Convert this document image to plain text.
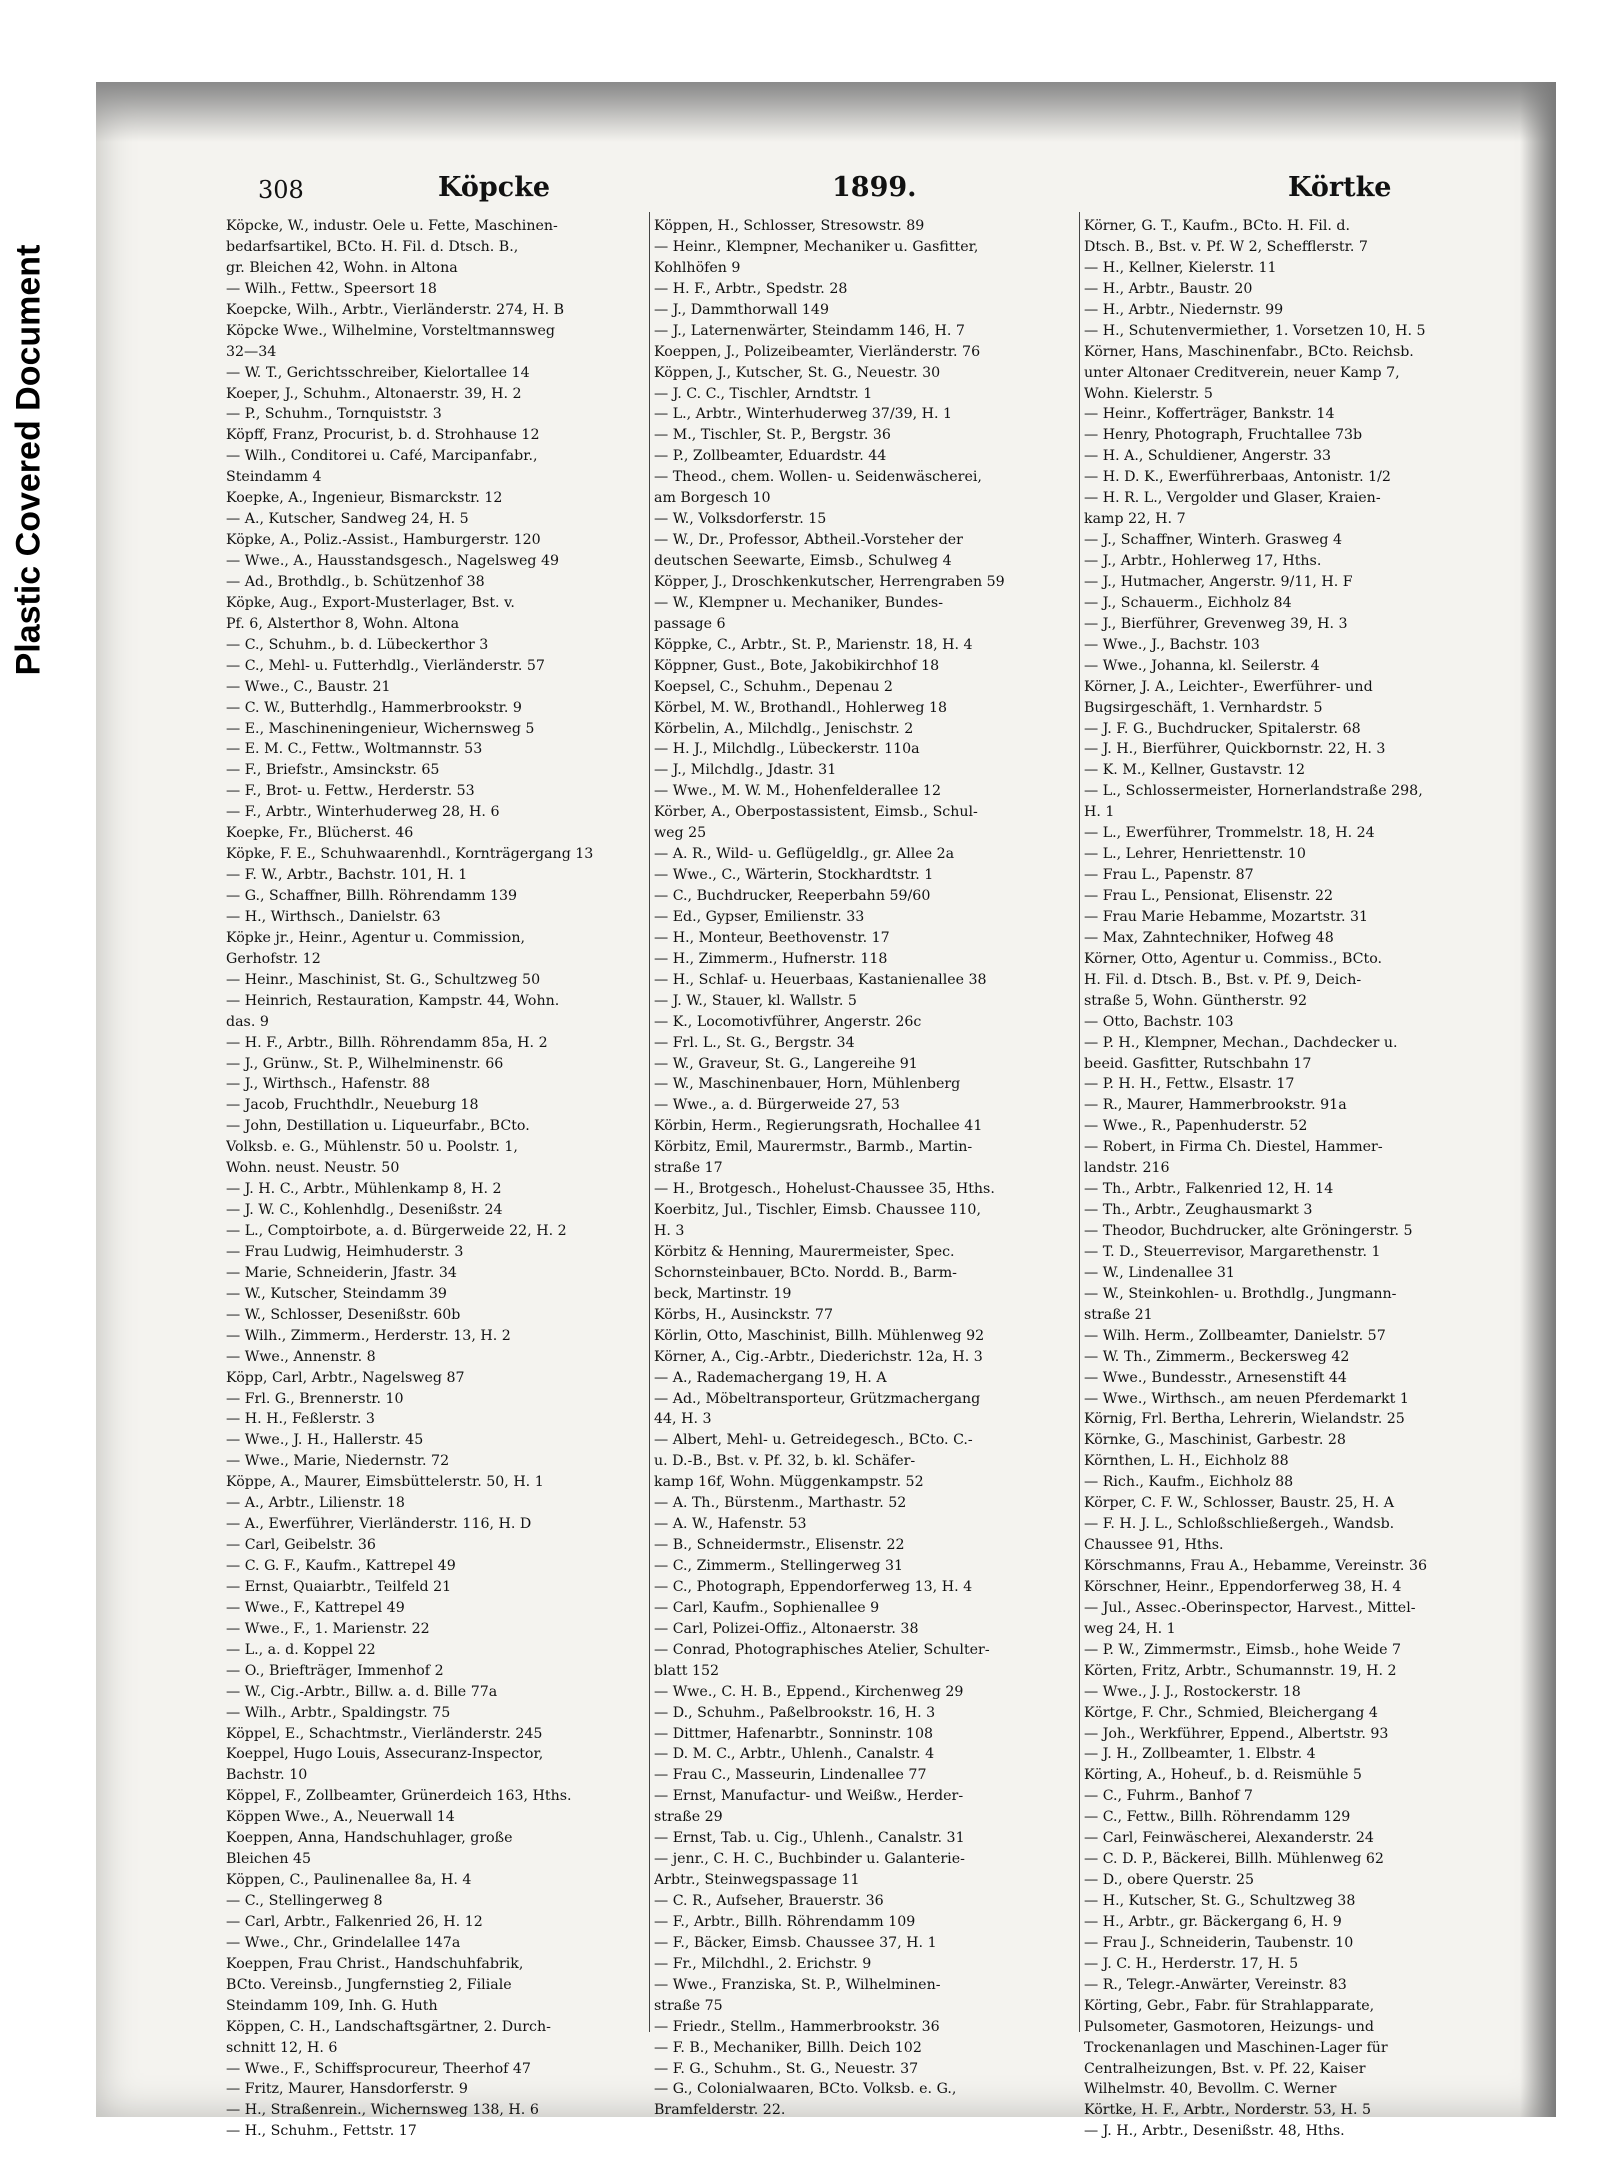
Plastic Covered Document
308	Köpcke	1899.	Körtke
Köpcke, W., industr. Oele u. Fette, Maschinen-
bedarfsartikel, BCto. H. Fil. d. Dtsch. B.,
gr. Bleichen 42, Wohn. in Altona
— Wilh., Fettw., Speersort 18
Koepcke, Wilh., Arbtr., Vierländerstr. 274, H. B
Köpcke Wwe., Wilhelmine, Vorsteltmannsweg
32—34
— W. T., Gerichtsschreiber, Kielortallee 14
Koeper, J., Schuhm., Altonaerstr. 39, H. 2
— P., Schuhm., Tornquiststr. 3
Köpff, Franz, Procurist, b. d. Strohhause 12
— Wilh., Conditorei u. Café, Marcipanfabr.,
Steindamm 4
Koepke, A., Ingenieur, Bismarckstr. 12
— A., Kutscher, Sandweg 24, H. 5
Köpke, A., Poliz.-Assist., Hamburgerstr. 120
— Wwe., A., Hausstandsgesch., Nagelsweg 49
— Ad., Brothdlg., b. Schützenhof 38
Köpke, Aug., Export-Musterlager, Bst. v.
Pf. 6, Alsterthor 8, Wohn. Altona
— C., Schuhm., b. d. Lübeckerthor 3
— C., Mehl- u. Futterhdlg., Vierländerstr. 57
— Wwe., C., Baustr. 21
— C. W., Butterhdlg., Hammerbrookstr. 9
— E., Maschineningenieur, Wichernsweg 5
— E. M. C., Fettw., Woltmannstr. 53
— F., Briefstr., Amsinckstr. 65
— F., Brot- u. Fettw., Herderstr. 53
— F., Arbtr., Winterhuderweg 28, H. 6
Koepke, Fr., Blücherst. 46
Köpke, F. E., Schuhwaarenhdl., Kornträgergang 13
— F. W., Arbtr., Bachstr. 101, H. 1
— G., Schaffner, Billh. Röhrendamm 139
— H., Wirthsch., Danielstr. 63
Köpke jr., Heinr., Agentur u. Commission,
Gerhofstr. 12
— Heinr., Maschinist, St. G., Schultzweg 50
— Heinrich, Restauration, Kampstr. 44, Wohn.
das. 9
— H. F., Arbtr., Billh. Röhrendamm 85a, H. 2
— J., Grünw., St. P., Wilhelminenstr. 66
— J., Wirthsch., Hafenstr. 88
— Jacob, Fruchthdlr., Neueburg 18
— John, Destillation u. Liqueurfabr., BCto.
Volksb. e. G., Mühlenstr. 50 u. Poolstr. 1,
Wohn. neust. Neustr. 50
— J. H. C., Arbtr., Mühlenkamp 8, H. 2
— J. W. C., Kohlenhdlg., Desenißstr. 24
— L., Comptoirbote, a. d. Bürgerweide 22, H. 2
— Frau Ludwig, Heimhuderstr. 3
— Marie, Schneiderin, Jfastr. 34
— W., Kutscher, Steindamm 39
— W., Schlosser, Desenißstr. 60b
— Wilh., Zimmerm., Herderstr. 13, H. 2
— Wwe., Annenstr. 8
Köpp, Carl, Arbtr., Nagelsweg 87
— Frl. G., Brennerstr. 10
— H. H., Feßlerstr. 3
— Wwe., J. H., Hallerstr. 45
— Wwe., Marie, Niedernstr. 72
Köppe, A., Maurer, Eimsbüttelerstr. 50, H. 1
— A., Arbtr., Lilienstr. 18
— A., Ewerführer, Vierländerstr. 116, H. D
— Carl, Geibelstr. 36
— C. G. F., Kaufm., Kattrepel 49
— Ernst, Quaiarbtr., Teilfeld 21
— Wwe., F., Kattrepel 49
— Wwe., F., 1. Marienstr. 22
— L., a. d. Koppel 22
— O., Briefträger, Immenhof 2
— W., Cig.-Arbtr., Billw. a. d. Bille 77a
— Wilh., Arbtr., Spaldingstr. 75
Köppel, E., Schachtmstr., Vierländerstr. 245
Koeppel, Hugo Louis, Assecuranz-Inspector,
Bachstr. 10
Köppel, F., Zollbeamter, Grünerdeich 163, Hths.
Köppen Wwe., A., Neuerwall 14
Koeppen, Anna, Handschuhlager, große
Bleichen 45
Köppen, C., Paulinenallee 8a, H. 4
— C., Stellingerweg 8
— Carl, Arbtr., Falkenried 26, H. 12
— Wwe., Chr., Grindelallee 147a
Koeppen, Frau Christ., Handschuhfabrik,
BCto. Vereinsb., Jungfernstieg 2, Filiale
Steindamm 109, Inh. G. Huth
Köppen, C. H., Landschaftsgärtner, 2. Durch-
schnitt 12, H. 6
— Wwe., F., Schiffsprocureur, Theerhof 47
— Fritz, Maurer, Hansdorferstr. 9
— H., Straßenrein., Wichernsweg 138, H. 6
— H., Schuhm., Fettstr. 17
Köppen, H., Schlosser, Stresowstr. 89
— Heinr., Klempner, Mechaniker u. Gasfitter,
Kohlhöfen 9
— H. F., Arbtr., Spedstr. 28
— J., Dammthorwall 149
— J., Laternenwärter, Steindamm 146, H. 7
Koeppen, J., Polizeibeamter, Vierländerstr. 76
Köppen, J., Kutscher, St. G., Neuestr. 30
— J. C. C., Tischler, Arndtstr. 1
— L., Arbtr., Winterhuderweg 37/39, H. 1
— M., Tischler, St. P., Bergstr. 36
— P., Zollbeamter, Eduardstr. 44
— Theod., chem. Wollen- u. Seidenwäscherei,
am Borgesch 10
— W., Volksdorferstr. 15
— W., Dr., Professor, Abtheil.-Vorsteher der
deutschen Seewarte, Eimsb., Schulweg 4
Köpper, J., Droschkenkutscher, Herrengraben 59
— W., Klempner u. Mechaniker, Bundes-
passage 6
Köppke, C., Arbtr., St. P., Marienstr. 18, H. 4
Köppner, Gust., Bote, Jakobikirchhof 18
Koepsel, C., Schuhm., Depenau 2
Körbel, M. W., Brothandl., Hohlerweg 18
Körbelin, A., Milchdlg., Jenischstr. 2
— H. J., Milchdlg., Lübeckerstr. 110a
— J., Milchdlg., Jdastr. 31
— Wwe., M. W. M., Hohenfelderallee 12
Körber, A., Oberpostassistent, Eimsb., Schul-
weg 25
— A. R., Wild- u. Geflügeldlg., gr. Allee 2a
— Wwe., C., Wärterin, Stockhardtstr. 1
— C., Buchdrucker, Reeperbahn 59/60
— Ed., Gypser, Emilienstr. 33
— H., Monteur, Beethovenstr. 17
— H., Zimmerm., Hufnerstr. 118
— H., Schlaf- u. Heuerbaas, Kastanienallee 38
— J. W., Stauer, kl. Wallstr. 5
— K., Locomotivführer, Angerstr. 26c
— Frl. L., St. G., Bergstr. 34
— W., Graveur, St. G., Langereihe 91
— W., Maschinenbauer, Horn, Mühlenberg
— Wwe., a. d. Bürgerweide 27, 53
Körbin, Herm., Regierungsrath, Hochallee 41
Körbitz, Emil, Maurermstr., Barmb., Martin-
straße 17
— H., Brotgesch., Hohelust-Chaussee 35, Hths.
Koerbitz, Jul., Tischler, Eimsb. Chaussee 110,
H. 3
Körbitz & Henning, Maurermeister, Spec.
Schornsteinbauer, BCto. Nordd. B., Barm-
beck, Martinstr. 19
Körbs, H., Ausinckstr. 77
Körlin, Otto, Maschinist, Billh. Mühlenweg 92
Körner, A., Cig.-Arbtr., Diederichstr. 12a, H. 3
— A., Rademachergang 19, H. A
— Ad., Möbeltransporteur, Grützmachergang
44, H. 3
— Albert, Mehl- u. Getreidegesch., BCto. C.-
u. D.-B., Bst. v. Pf. 32, b. kl. Schäfer-
kamp 16f, Wohn. Müggenkampstr. 52
— A. Th., Bürstenm., Marthastr. 52
— A. W., Hafenstr. 53
— B., Schneidermstr., Elisenstr. 22
— C., Zimmerm., Stellingerweg 31
— C., Photograph, Eppendorferweg 13, H. 4
— Carl, Kaufm., Sophienallee 9
— Carl, Polizei-Offiz., Altonaerstr. 38
— Conrad, Photographisches Atelier, Schulter-
blatt 152
— Wwe., C. H. B., Eppend., Kirchenweg 29
— D., Schuhm., Paßelbrookstr. 16, H. 3
— Dittmer, Hafenarbtr., Sonninstr. 108
— D. M. C., Arbtr., Uhlenh., Canalstr. 4
— Frau C., Masseurin, Lindenallee 77
— Ernst, Manufactur- und Weißw., Herder-
straße 29
— Ernst, Tab. u. Cig., Uhlenh., Canalstr. 31
— jenr., C. H. C., Buchbinder u. Galanterie-
Arbtr., Steinwegspassage 11
— C. R., Aufseher, Brauerstr. 36
— F., Arbtr., Billh. Röhrendamm 109
— F., Bäcker, Eimsb. Chaussee 37, H. 1
— Fr., Milchdhl., 2. Erichstr. 9
— Wwe., Franziska, St. P., Wilhelminen-
straße 75
— Friedr., Stellm., Hammerbrookstr. 36
— F. B., Mechaniker, Billh. Deich 102
— F. G., Schuhm., St. G., Neuestr. 37
— G., Colonialwaaren, BCto. Volksb. e. G.,
Bramfelderstr. 22.
Körner, G. T., Kaufm., BCto. H. Fil. d.
Dtsch. B., Bst. v. Pf. W 2, Schefflerstr. 7
— H., Kellner, Kielerstr. 11
— H., Arbtr., Baustr. 20
— H., Arbtr., Niedernstr. 99
— H., Schutenvermiether, 1. Vorsetzen 10, H. 5
Körner, Hans, Maschinenfabr., BCto. Reichsb.
unter Altonaer Creditverein, neuer Kamp 7,
Wohn. Kielerstr. 5
— Heinr., Kofferträger, Bankstr. 14
— Henry, Photograph, Fruchtallee 73b
— H. A., Schuldiener, Angerstr. 33
— H. D. K., Ewerführerbaas, Antonistr. 1/2
— H. R. L., Vergolder und Glaser, Kraien-
kamp 22, H. 7
— J., Schaffner, Winterh. Grasweg 4
— J., Arbtr., Hohlerweg 17, Hths.
— J., Hutmacher, Angerstr. 9/11, H. F
— J., Schauerm., Eichholz 84
— J., Bierführer, Grevenweg 39, H. 3
— Wwe., J., Bachstr. 103
— Wwe., Johanna, kl. Seilerstr. 4
Körner, J. A., Leichter-, Ewerführer- und
Bugsirgeschäft, 1. Vernhardstr. 5
— J. F. G., Buchdrucker, Spitalerstr. 68
— J. H., Bierführer, Quickbornstr. 22, H. 3
— K. M., Kellner, Gustavstr. 12
— L., Schlossermeister, Hornerlandstraße 298,
H. 1
— L., Ewerführer, Trommelstr. 18, H. 24
— L., Lehrer, Henriettenstr. 10
— Frau L., Papenstr. 87
— Frau L., Pensionat, Elisenstr. 22
— Frau Marie Hebamme, Mozartstr. 31
— Max, Zahntechniker, Hofweg 48
Körner, Otto, Agentur u. Commiss., BCto.
H. Fil. d. Dtsch. B., Bst. v. Pf. 9, Deich-
straße 5, Wohn. Güntherstr. 92
— Otto, Bachstr. 103
— P. H., Klempner, Mechan., Dachdecker u.
beeid. Gasfitter, Rutschbahn 17
— P. H. H., Fettw., Elsastr. 17
— R., Maurer, Hammerbrookstr. 91a
— Wwe., R., Papenhuderstr. 52
— Robert, in Firma Ch. Diestel, Hammer-
landstr. 216
— Th., Arbtr., Falkenried 12, H. 14
— Th., Arbtr., Zeughausmarkt 3
— Theodor, Buchdrucker, alte Gröningerstr. 5
— T. D., Steuerrevisor, Margarethenstr. 1
— W., Lindenallee 31
— W., Steinkohlen- u. Brothdlg., Jungmann-
straße 21
— Wilh. Herm., Zollbeamter, Danielstr. 57
— W. Th., Zimmerm., Beckersweg 42
— Wwe., Bundesstr., Arnesenstift 44
— Wwe., Wirthsch., am neuen Pferdemarkt 1
Körnig, Frl. Bertha, Lehrerin, Wielandstr. 25
Körnke, G., Maschinist, Garbestr. 28
Körnthen, L. H., Eichholz 88
— Rich., Kaufm., Eichholz 88
Körper, C. F. W., Schlosser, Baustr. 25, H. A
— F. H. J. L., Schloßschließergeh., Wandsb.
Chaussee 91, Hths.
Körschmanns, Frau A., Hebamme, Vereinstr. 36
Körschner, Heinr., Eppendorferweg 38, H. 4
— Jul., Assec.-Oberinspector, Harvest., Mittel-
weg 24, H. 1
— P. W., Zimmermstr., Eimsb., hohe Weide 7
Körten, Fritz, Arbtr., Schumannstr. 19, H. 2
— Wwe., J. J., Rostockerstr. 18
Körtge, F. Chr., Schmied, Bleichergang 4
— Joh., Werkführer, Eppend., Albertstr. 93
— J. H., Zollbeamter, 1. Elbstr. 4
Körting, A., Hoheuf., b. d. Reismühle 5
— C., Fuhrm., Banhof 7
— C., Fettw., Billh. Röhrendamm 129
— Carl, Feinwäscherei, Alexanderstr. 24
— C. D. P., Bäckerei, Billh. Mühlenweg 62
— D., obere Querstr. 25
— H., Kutscher, St. G., Schultzweg 38
— H., Arbtr., gr. Bäckergang 6, H. 9
— Frau J., Schneiderin, Taubenstr. 10
— J. C. H., Herderstr. 17, H. 5
— R., Telegr.-Anwärter, Vereinstr. 83
Körting, Gebr., Fabr. für Strahlapparate,
Pulsometer, Gasmotoren, Heizungs- und
Trockenanlagen und Maschinen-Lager für
Centralheizungen, Bst. v. Pf. 22, Kaiser
Wilhelmstr. 40, Bevollm. C. Werner
Körtke, H. F., Arbtr., Norderstr. 53, H. 5
— J. H., Arbtr., Desenißstr. 48, Hths.
